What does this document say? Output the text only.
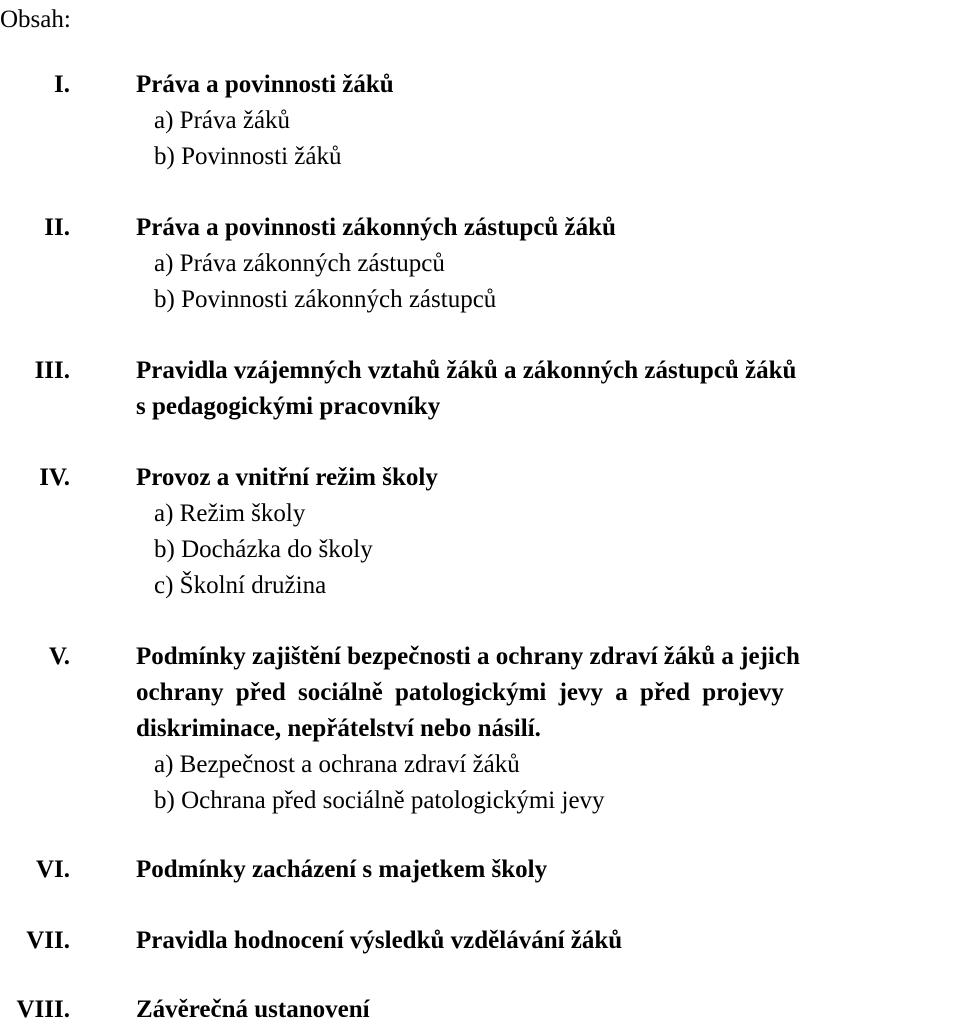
Obsah:
I.	Práva a povinnosti žáků
a) Práva žáků
b) Povinnosti žáků
II.	Práva a povinnosti zákonných zástupců žáků
a) Práva zákonných zástupců
b) Povinnosti zákonných zástupců
III.	Pravidla vzájemných vztahů žáků a zákonných zástupců žáků
s pedagogickými pracovníky
IV.	Provoz a vnitřní režim školy
a) Režim školy
b) Docházka do školy
c) Školní družina
V.	Podmínky zajištění bezpečnosti a ochrany zdraví žáků a jejich
ochrany před sociálně patologickými jevy a před projevy
diskriminace, nepřátelství nebo násilí.
a) Bezpečnost a ochrana zdraví žáků
b) Ochrana před sociálně patologickými jevy
VI.	Podmínky zacházení s majetkem školy
VII.	Pravidla hodnocení výsledků vzdělávání žáků
VIII.	Závěrečná ustanovení
